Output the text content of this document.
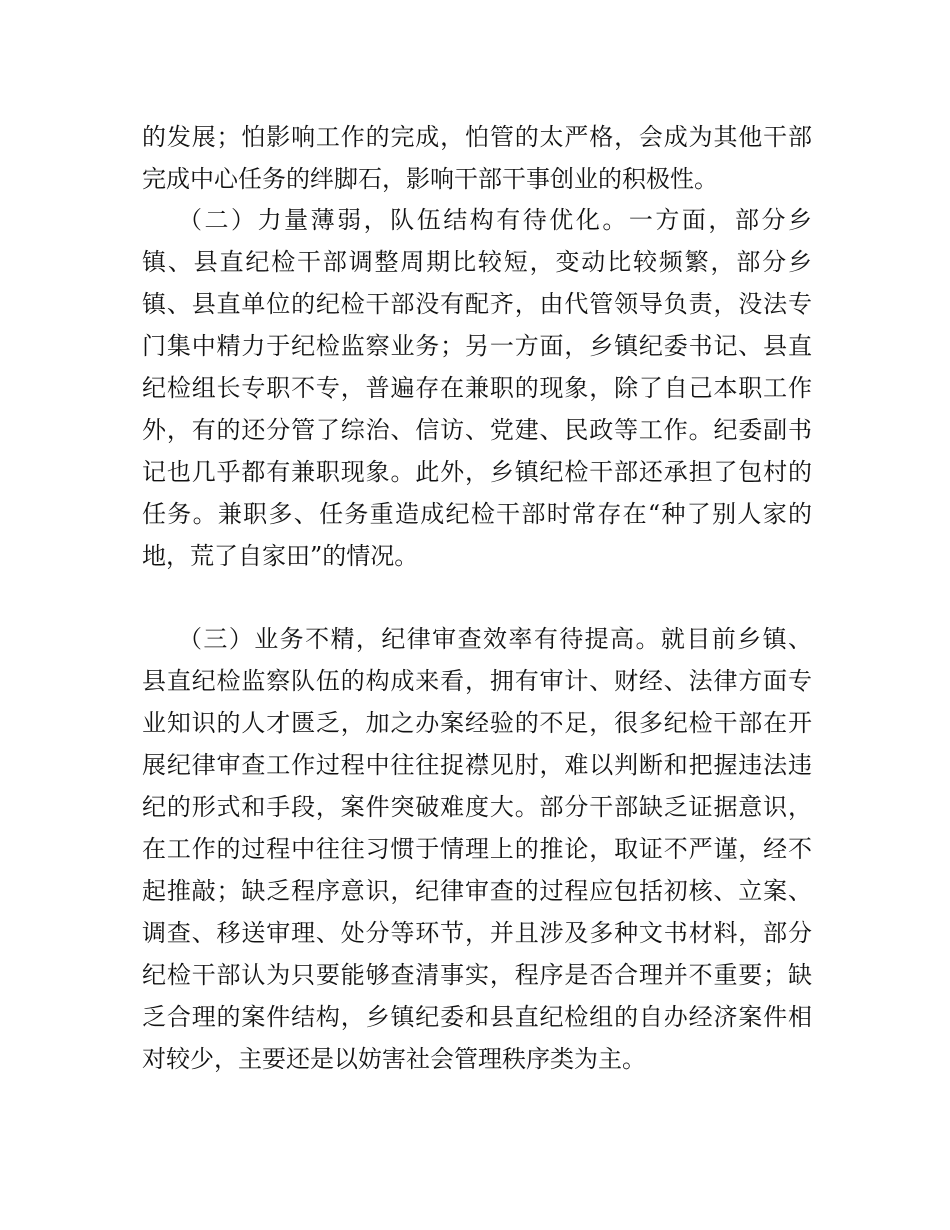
的发展；怕影响工作的完成，怕管的太严格，会成为其他干部
完成中心任务的绊脚石，影响干部干事创业的积极性。
（二）力量薄弱，队伍结构有待优化。一方面，部分乡
镇、县直纪检干部调整周期比较短，变动比较频繁，部分乡
镇、县直单位的纪检干部没有配齐，由代管领导负责，没法专
门集中精力于纪检监察业务；另一方面，乡镇纪委书记、县直
纪检组长专职不专，普遍存在兼职的现象，除了自己本职工作
外，有的还分管了综治、信访、党建、民政等工作。纪委副书
记也几乎都有兼职现象。此外，乡镇纪检干部还承担了包村的
任务。兼职多、任务重造成纪检干部时常存在“种了别人家的
地，荒了自家田”的情况。
（三）业务不精，纪律审查效率有待提高。就目前乡镇、
县直纪检监察队伍的构成来看，拥有审计、财经、法律方面专
业知识的人才匮乏，加之办案经验的不足，很多纪检干部在开
展纪律审查工作过程中往往捉襟见肘，难以判断和把握违法违
纪的形式和手段，案件突破难度大。部分干部缺乏证据意识，
在工作的过程中往往习惯于情理上的推论，取证不严谨，经不
起推敲；缺乏程序意识，纪律审查的过程应包括初核、立案、
调查、移送审理、处分等环节，并且涉及多种文书材料，部分
纪检干部认为只要能够查清事实，程序是否合理并不重要；缺
乏合理的案件结构，乡镇纪委和县直纪检组的自办经济案件相
对较少，主要还是以妨害社会管理秩序类为主。
